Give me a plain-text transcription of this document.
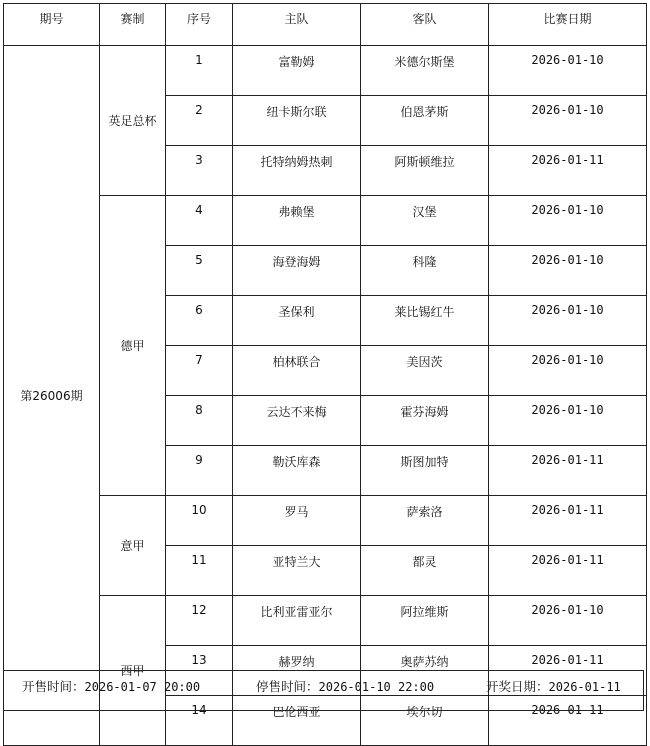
期号	赛制	序号	主队	客队	比赛日期
第26006期	英足总杯	1	富勒姆	米德尔斯堡	2026-01-10
		2	纽卡斯尔联	伯恩茅斯	2026-01-10
		3	托特纳姆热刺	阿斯顿维拉	2026-01-11
	德甲	4	弗赖堡	汉堡	2026-01-10
		5	海登海姆	科隆	2026-01-10
		6	圣保利	莱比锡红牛	2026-01-10
		7	柏林联合	美因茨	2026-01-10
		8	云达不来梅	霍芬海姆	2026-01-10
		9	勒沃库森	斯图加特	2026-01-11
	意甲	10	罗马	萨索洛	2026-01-11
		11	亚特兰大	都灵	2026-01-11
	西甲	12	比利亚雷亚尔	阿拉维斯	2026-01-10
		13	赫罗纳	奥萨苏纳	2026-01-11
		14	巴伦西亚	埃尔切	2026-01-11
开售时间：2026-01-07 20:00	停售时间：2026-01-10 22:00	开奖日期：2026-01-11
